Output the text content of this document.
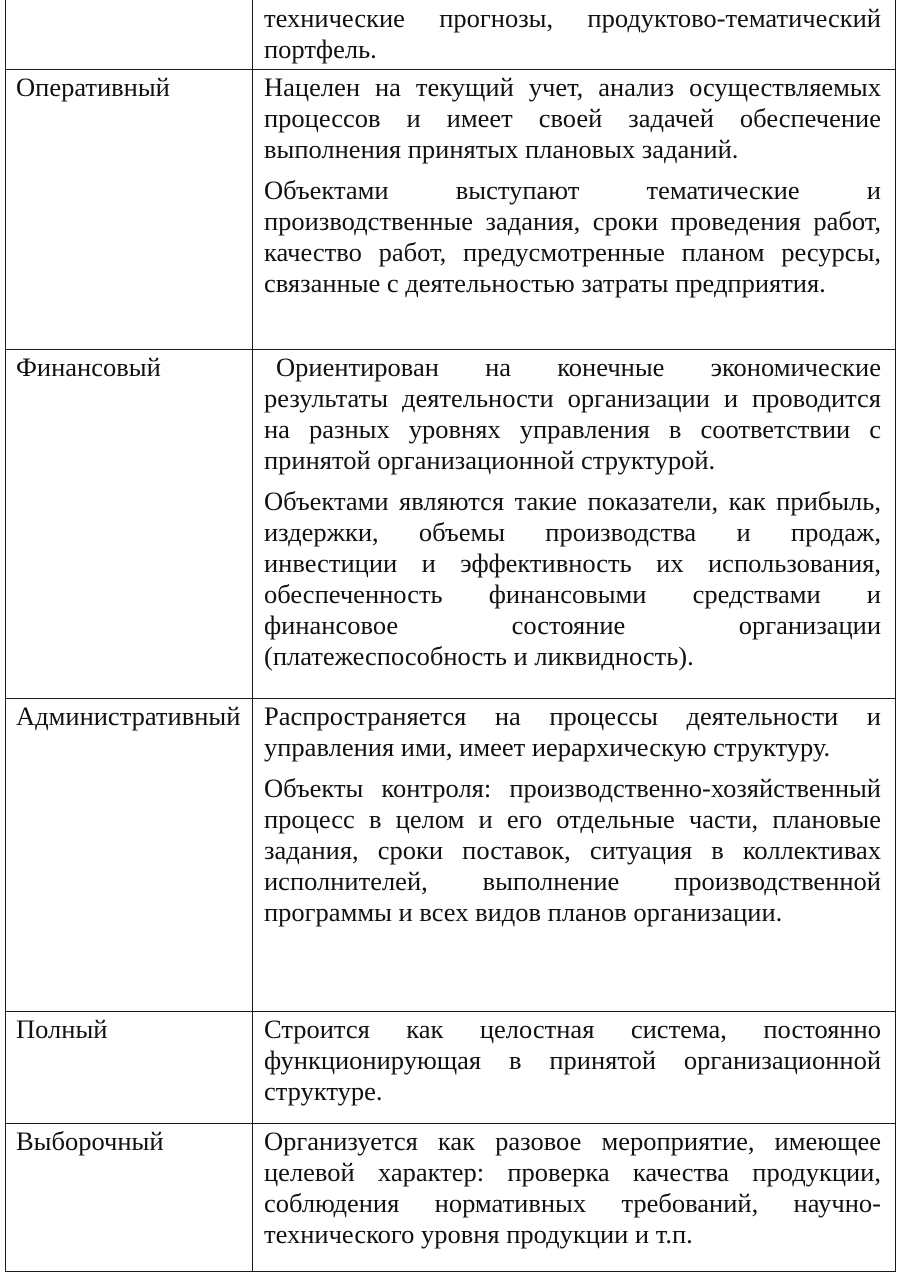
	технические прогнозы, продуктово-тематический портфель.

Оперативный	Нацелен на текущий учет, анализ осуществляемых процессов и имеет своей задачей обеспечение выполнения принятых плановых заданий.

Объектами выступают тематические и производственные задания, сроки проведения работ, качество работ, предусмотренные планом ресурсы, связанные с деятельностью затраты предприятия.

Финансовый	Ориентирован на конечные экономические результаты деятельности организации и проводится на разных уровнях управления в соответствии с принятой организационной структурой.

Объектами являются такие показатели, как прибыль, издержки, объемы производства и продаж, инвестиции и эффективность их использования, обеспеченность финансовыми средствами и финансовое состояние организации (платежеспособность и ликвидность).

Административный	Распространяется на процессы деятельности и управления ими, имеет иерархическую структуру.

Объекты контроля: производственно-хозяйственный процесс в целом и его отдельные части, плановые задания, сроки поставок, ситуация в коллективах исполнителей, выполнение производственной программы и всех видов планов организации.

Полный	Строится как целостная система, постоянно функционирующая в принятой организационной структуре.

Выборочный	Организуется как разовое мероприятие, имеющее целевой характер: проверка качества продукции, соблюдения нормативных требований, научно-технического уровня продукции и т.п.
